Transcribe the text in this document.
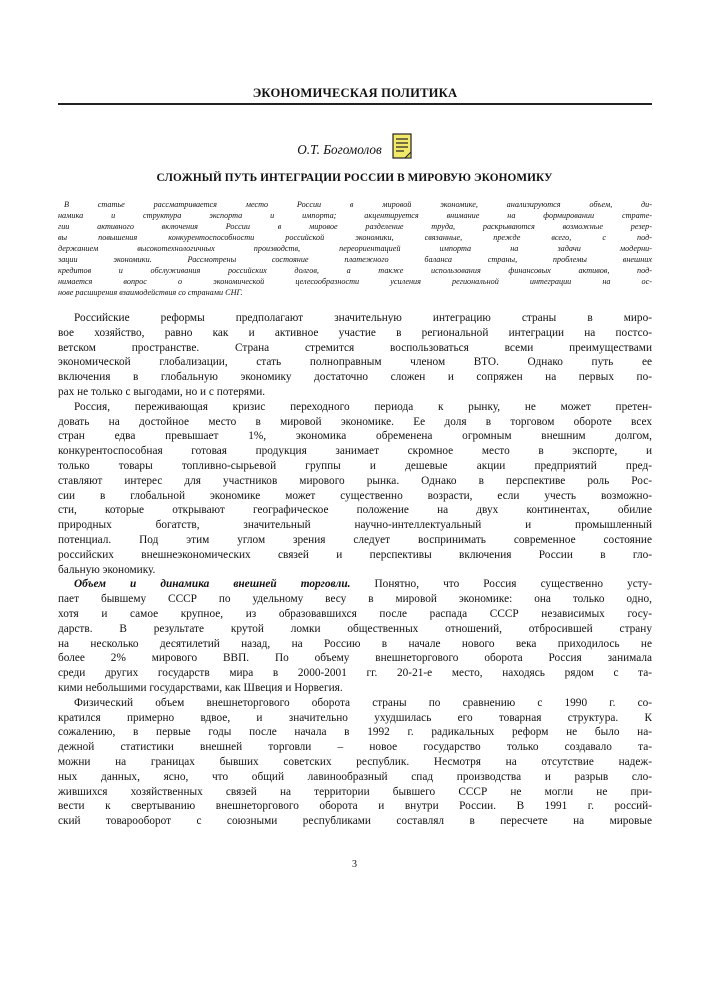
ЭКОНОМИЧЕСКАЯ ПОЛИТИКА
$_{О.Т. Богомолов}$
СЛОЖНЫЙ ПУТЬ ИНТЕГРАЦИИ РОССИИ В МИРОВУЮ ЭКОНОМИКУ
В статье рассматривается место России в мировой экономике, анализируются объем, ди-
намика и структура экспорта и импорта; акцентируется внимание на формировании страте-
гии активного включения России в мировое разделение труда, раскрываются возможные резер-
вы повышения конкурентоспособности российской экономики, связанные, прежде всего, с под-
держанием высокотехнологичных производств, переориентацией импорта на задачи модерни-
зации экономики. Рассмотрены состояние платежного баланса страны, проблемы внешних
кредитов и обслуживания российских долгов, а также использования финансовых активов, под-
нимается вопрос о экономической целесообразности усиления региональной интеграции на ос-
нове расширения взаимодействия со странами СНГ.
Российские реформы предполагают значительную интеграцию страны в миро-
вое хозяйство, равно как и активное участие в региональной интеграции на постсо-
ветском пространстве. Страна стремится воспользоваться всеми преимуществами
экономической глобализации, стать полноправным членом ВТО. Однако путь ее
включения в глобальную экономику достаточно сложен и сопряжен на первых по-
рах не только с выгодами, но и с потерями.
Россия, переживающая кризис переходного периода к рынку, не может претен-
довать на достойное место в мировой экономике. Ее доля в торговом обороте всех
стран едва превышает 1%, экономика обременена огромным внешним долгом,
конкурентоспособная готовая продукция занимает скромное место в экспорте, и
только товары топливно-сырьевой группы и дешевые акции предприятий пред-
ставляют интерес для участников мирового рынка. Однако в перспективе роль Рос-
сии в глобальной экономике может существенно возрасти, если учесть возможно-
сти, которые открывают географическое положение на двух континентах, обилие
природных богатств, значительный научно-интеллектуальный и промышленный
потенциал. Под этим углом зрения следует воспринимать современное состояние
российских внешнеэкономических связей и перспективы включения России в гло-
бальную экономику.
Объем и динамика внешней торговли. Понятно, что Россия существенно усту-
пает бывшему СССР по удельному весу в мировой экономике: она только одно,
хотя и самое крупное, из образовавшихся после распада СССР независимых госу-
дарств. В результате крутой ломки общественных отношений, отбросившей страну
на несколько десятилетий назад, на Россию в начале нового века приходилось не
более 2% мирового ВВП. По объему внешнеторгового оборота Россия занимала
среди других государств мира в 2000-2001 гг. 20-21-е место, находясь рядом с та-
кими небольшими государствами, как Швеция и Норвегия.
Физический объем внешнеторгового оборота страны по сравнению с 1990 г. со-
кратился примерно вдвое, и значительно ухудшилась его товарная структура. К
сожалению, в первые годы после начала в 1992 г. радикальных реформ не было на-
дежной статистики внешней торговли – новое государство только создавало та-
можни на границах бывших советских республик. Несмотря на отсутствие надеж-
ных данных, ясно, что общий лавинообразный спад производства и разрыв сло-
жившихся хозяйственных связей на территории бывшего СССР не могли не при-
вести к свертыванию внешнеторгового оборота и внутри России. В 1991 г. россий-
ский товарооборот с союзными республиками составлял в пересчете на мировые
3
